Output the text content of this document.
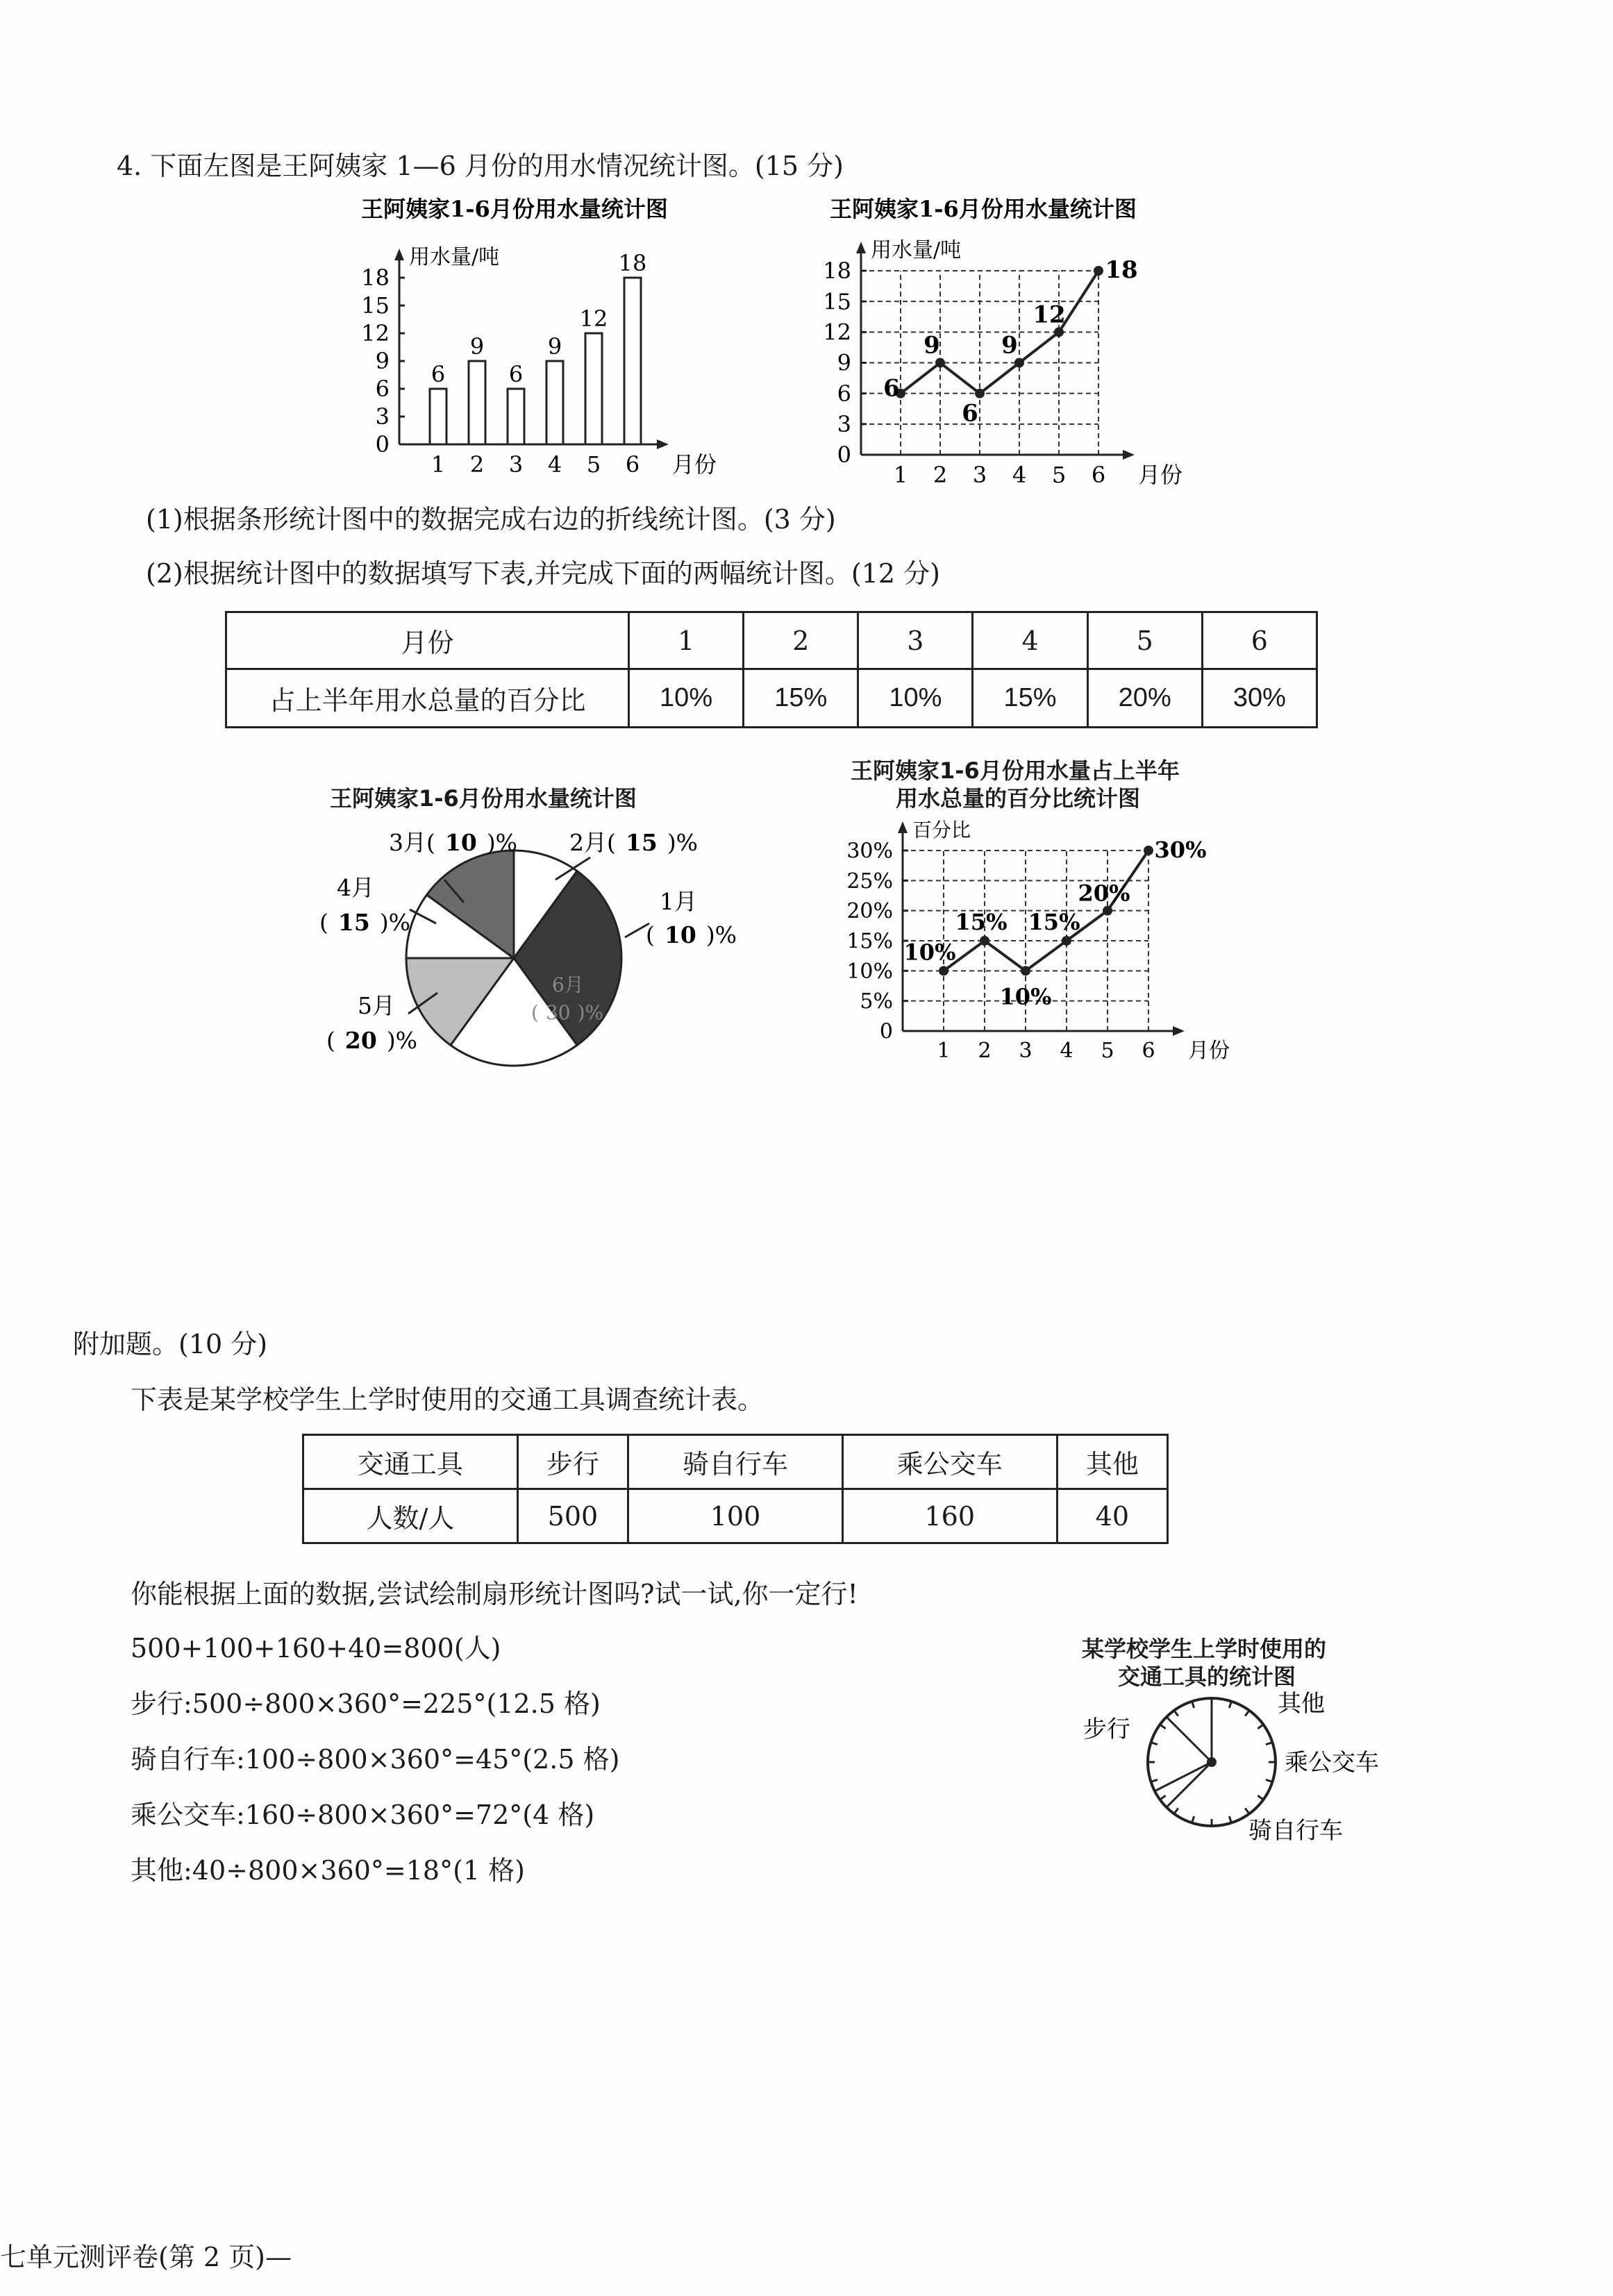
4. 下面左图是王阿姨家 1—6 月份的用水情况统计图。(15 分)
王阿姨家1-6月份用水量统计图
0
3
6
9
12
15
18
1 2 3 4 5 6
用水量/吨
月份
6
9
6
9
12
18
王阿姨家1-6月份用水量统计图
0
3
6
9
12
15
18
1 2 3 4 5 6
用水量/吨
月份
6
9
6
9
12
18
(1)根据条形统计图中的数据完成右边的折线统计图。(3 分)
(2)根据统计图中的数据填写下表,并完成下面的两幅统计图。(12 分)
月份	1	2	3	4	5	6
占上半年用水总量的百分比	10%	15%	10%	15%	20%	30%
王阿姨家1-6月份用水量统计图
3月( 10 )% 2月( 15 )%
1月
( 10 )%
4月
( 15 )%
5月
( 20 )%
6月
( 30 )%
王阿姨家1-6月份用水量占上半年
用水总量的百分比统计图
0
5%
10%
15%
20%
25%
30%
1 2 3 4 5 6
百分比
月份
10%
15%
10%
15%
20%
30%
附加题。(10 分)
下表是某学校学生上学时使用的交通工具调查统计表。
交通工具	步行	骑自行车	乘公交车	其他
人数/人	500	100	160	40
你能根据上面的数据,尝试绘制扇形统计图吗?试一试,你一定行!
500+100+160+40=800(人)
步行:500÷800×360°=225°(12.5 格)
骑自行车:100÷800×360°=45°(2.5 格)
乘公交车:160÷800×360°=72°(4 格)
其他:40÷800×360°=18°(1 格)
某学校学生上学时使用的
交通工具的统计图
步行
其他
乘公交车
骑自行车
七单元测评卷(第 2 页)—
